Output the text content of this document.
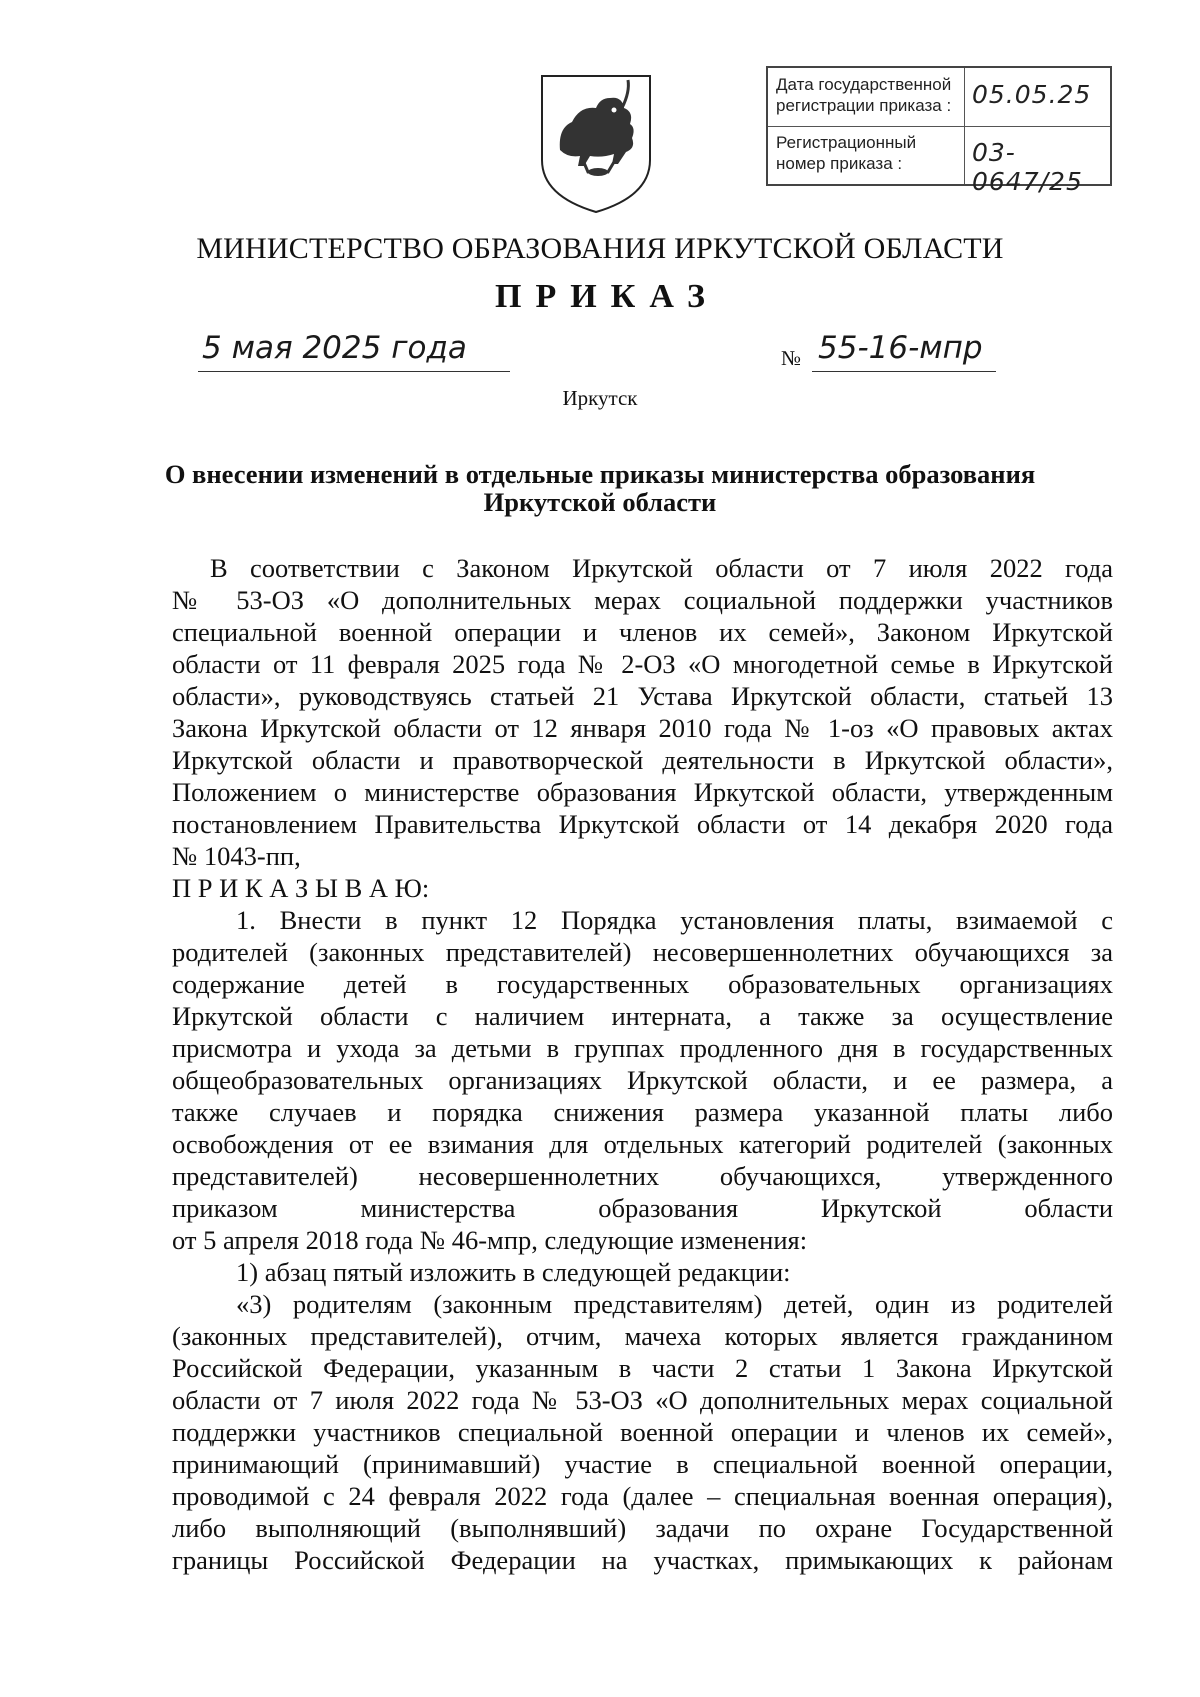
Дата государственной регистрации приказа : 05.05.25
Регистрационный номер приказа :	03-0647/25
МИНИСТЕРСТВО ОБРАЗОВАНИЯ ИРКУТСКОЙ ОБЛАСТИ
ПРИКАЗ
5 мая 2025 года	№ 55-16-мпр
Иркутск
О внесении изменений в отдельные приказы министерства образования Иркутской области
В соответствии с Законом Иркутской области от 7 июля 2022 года
№ 53-ОЗ «О дополнительных мерах социальной поддержки участников
специальной военной операции и членов их семей», Законом Иркутской
области от 11 февраля 2025 года № 2-ОЗ «О многодетной семье в Иркутской
области», руководствуясь статьей 21 Устава Иркутской области, статьей 13
Закона Иркутской области от 12 января 2010 года № 1-оз «О правовых актах
Иркутской области и правотворческой деятельности в Иркутской области»,
Положением о министерстве образования Иркутской области, утвержденным
постановлением Правительства Иркутской области от 14 декабря 2020 года
№ 1043-пп,
П Р И К А З Ы В А Ю:
1. Внести в пункт 12 Порядка установления платы, взимаемой с
родителей (законных представителей) несовершеннолетних обучающихся за
содержание детей в государственных образовательных организациях
Иркутской области с наличием интерната, а также за осуществление
присмотра и ухода за детьми в группах продленного дня в государственных
общеобразовательных организациях Иркутской области, и ее размера, а
также случаев и порядка снижения размера указанной платы либо
освобождения от ее взимания для отдельных категорий родителей (законных
представителей) несовершеннолетних обучающихся, утвержденного
приказом министерства образования Иркутской области
от 5 апреля 2018 года № 46-мпр, следующие изменения:
1) абзац пятый изложить в следующей редакции:
«3) родителям (законным представителям) детей, один из родителей
(законных представителей), отчим, мачеха которых является гражданином
Российской Федерации, указанным в части 2 статьи 1 Закона Иркутской
области от 7 июля 2022 года № 53-ОЗ «О дополнительных мерах социальной
поддержки участников специальной военной операции и членов их семей»,
принимающий (принимавший) участие в специальной военной операции,
проводимой с 24 февраля 2022 года (далее – специальная военная операция),
либо выполняющий (выполнявший) задачи по охране Государственной
границы Российской Федерации на участках, примыкающих к районам
